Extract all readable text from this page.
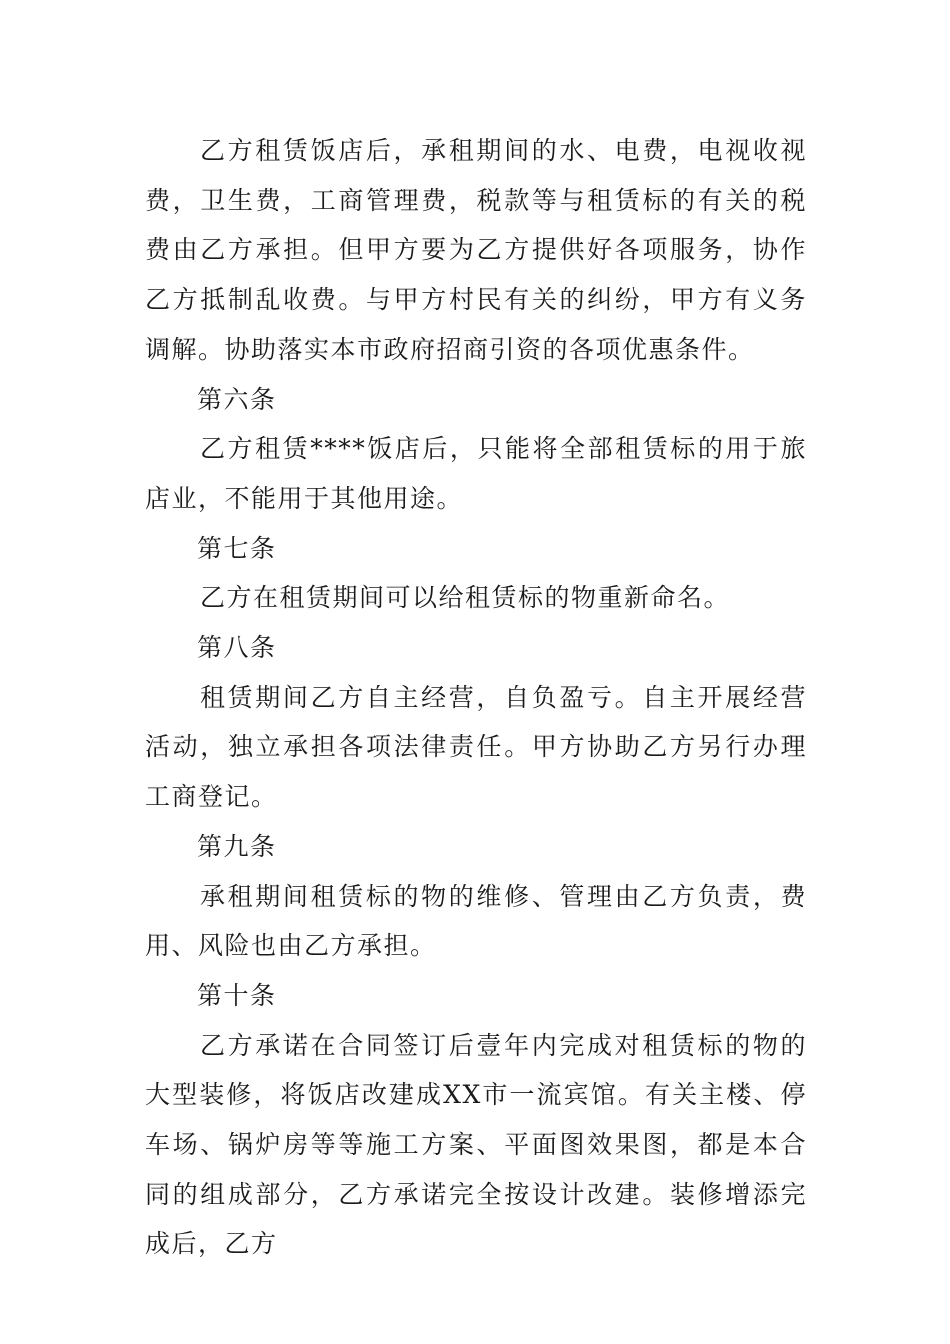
乙方租赁饭店后，承租期间的水、电费，电视收视费，卫生费，工商管理费，税款等与租赁标的有关的税费由乙方承担。但甲方要为乙方提供好各项服务，协作乙方抵制乱收费。与甲方村民有关的纠纷，甲方有义务调解。协助落实本市政府招商引资的各项优惠条件。

第六条

乙方租赁****饭店后，只能将全部租赁标的用于旅店业，不能用于其他用途。

第七条

乙方在租赁期间可以给租赁标的物重新命名。

第八条

租赁期间乙方自主经营，自负盈亏。自主开展经营活动，独立承担各项法律责任。甲方协助乙方另行办理工商登记。

第九条

承租期间租赁标的物的维修、管理由乙方负责，费用、风险也由乙方承担。

第十条

乙方承诺在合同签订后壹年内完成对租赁标的物的大型装修，将饭店改建成XX市一流宾馆。有关主楼、停车场、锅炉房等等施工方案、平面图效果图，都是本合同的组成部分，乙方承诺完全按设计改建。装修增添完成后，乙方
